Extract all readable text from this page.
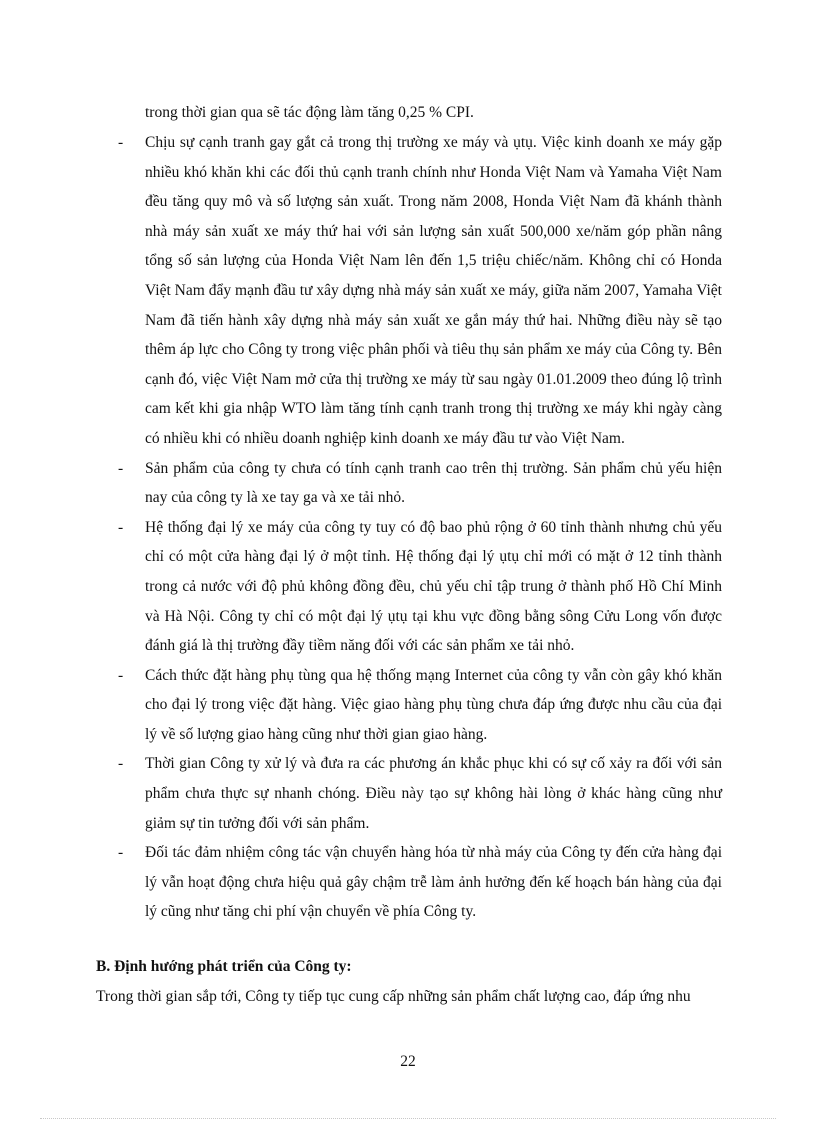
trong thời gian qua sẽ tác động làm tăng 0,25 % CPI.

- Chịu sự cạnh tranh gay gắt cả trong thị trường xe máy và ụtụ. Việc kinh doanh xe máy gặp nhiều khó khăn khi các đối thủ cạnh tranh chính như Honda Việt Nam và Yamaha Việt Nam đều tăng quy mô và số lượng sản xuất. Trong năm 2008, Honda Việt Nam đã khánh thành nhà máy sản xuất xe máy thứ hai với sản lượng sản xuất 500,000 xe/năm góp phần nâng tổng số sản lượng của Honda Việt Nam lên đến 1,5 triệu chiếc/năm. Không chỉ có Honda Việt Nam đẩy mạnh đầu tư xây dựng nhà máy sản xuất xe máy, giữa năm 2007, Yamaha Việt Nam đã tiến hành xây dựng nhà máy sản xuất xe gắn máy thứ hai. Những điều này sẽ tạo thêm áp lực cho Công ty trong việc phân phối và tiêu thụ sản phẩm xe máy của Công ty. Bên cạnh đó, việc Việt Nam mở cửa thị trường xe máy từ sau ngày 01.01.2009 theo đúng lộ trình cam kết khi gia nhập WTO làm tăng tính cạnh tranh trong thị trường xe máy khi ngày càng có nhiều khi có nhiều doanh nghiệp kinh doanh xe máy đầu tư vào Việt Nam.
- Sản phẩm của công ty chưa có tính cạnh tranh cao trên thị trường. Sản phẩm chủ yếu hiện nay của công ty là xe tay ga và xe tải nhỏ.
- Hệ thống đại lý xe máy của công ty tuy có độ bao phủ rộng ở 60 tỉnh thành nhưng chủ yếu chỉ có một cửa hàng đại lý ở một tỉnh. Hệ thống đại lý ụtụ chỉ mới có mặt ở 12 tỉnh thành trong cả nước với độ phủ không đồng đều, chủ yếu chỉ tập trung ở thành phố Hồ Chí Minh và Hà Nội. Công ty chỉ có một đại lý ụtụ tại khu vực đồng bằng sông Cửu Long vốn được đánh giá là thị trường đầy tiềm năng đối với các sản phẩm xe tải nhỏ.
- Cách thức đặt hàng phụ tùng qua hệ thống mạng Internet của công ty vẫn còn gây khó khăn cho đại lý trong việc đặt hàng. Việc giao hàng phụ tùng chưa đáp ứng được nhu cầu của đại lý về số lượng giao hàng cũng như thời gian giao hàng.
- Thời gian Công ty xử lý và đưa ra các phương án khắc phục khi có sự cố xảy ra đối với sản phẩm chưa thực sự nhanh chóng. Điều này tạo sự không hài lòng ở khác hàng cũng như giảm sự tin tưởng đối với sản phẩm.
- Đối tác đảm nhiệm công tác vận chuyển hàng hóa từ nhà máy của Công ty đến cửa hàng đại lý vẫn hoạt động chưa hiệu quả gây chậm trễ làm ảnh hưởng đến kế hoạch bán hàng của đại lý cũng như tăng chi phí vận chuyển về phía Công ty.
B. Định hướng phát triển của Công ty:

Trong thời gian sắp tới, Công ty tiếp tục cung cấp những sản phẩm chất lượng cao, đáp ứng nhu

22
